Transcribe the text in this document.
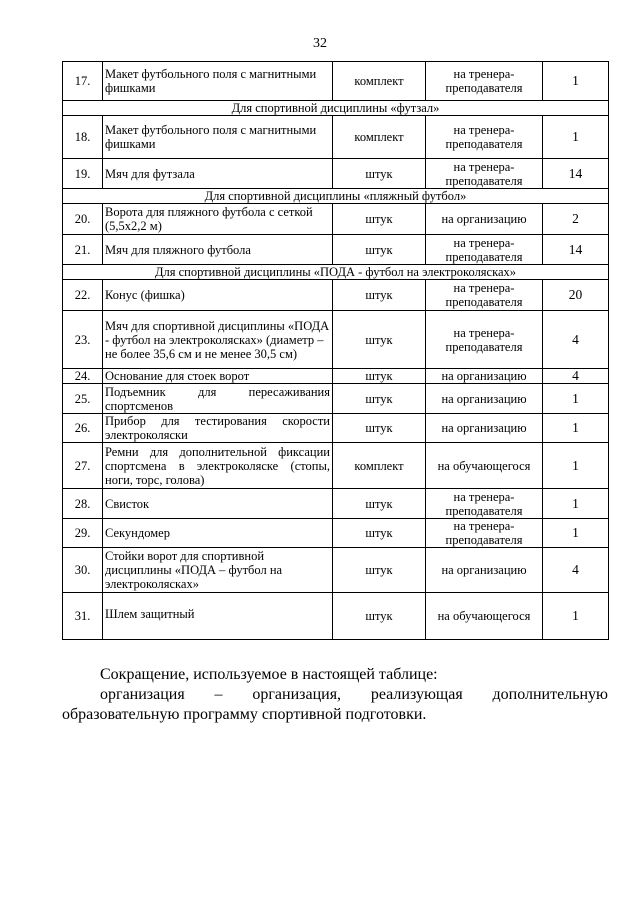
32
17.	Макет футбольного поля с магнитными фишками	комплект	на тренера-преподавателя	1
Для спортивной дисциплины «футзал»				
18.	Макет футбольного поля с магнитными фишками	комплект	на тренера-преподавателя	1
19.	Мяч для футзала	штук	на тренера-преподавателя	14
Для спортивной дисциплины «пляжный футбол»				
20.	Ворота для пляжного футбола с сеткой (5,5х2,2 м)	штук	на организацию	2
21.	Мяч для пляжного футбола	штук	на тренера-преподавателя	14
Для спортивной дисциплины «ПОДА - футбол на электроколясках»				
22.	Конус (фишка)	штук	на тренера-преподавателя	20
23.	Мяч для спортивной дисциплины «ПОДА - футбол на электроколясках» (диаметр – не более 35,6 см и не менее 30,5 см)	штук	на тренера-преподавателя	4
24.	Основание для стоек ворот	штук	на организацию	4
25.	Подъемник для пересаживания спортсменов	штук	на организацию	1
26.	Прибор для тестирования скорости электроколяски	штук	на организацию	1
27.	Ремни для дополнительной фиксации спортсмена в электроколяске (стопы, ноги, торс, голова)	комплект	на обучающегося	1
28.	Свисток	штук	на тренера-преподавателя	1
29.	Секундомер	штук	на тренера-преподавателя	1
30.	Стойки ворот для спортивной дисциплины «ПОДА – футбол на электроколясках»	штук	на организацию	4
31.	Шлем защитный	штук	на обучающегося	1

Сокращение, используемое в настоящей таблице:

организация – организация, реализующая дополнительную образовательную программу спортивной подготовки.
